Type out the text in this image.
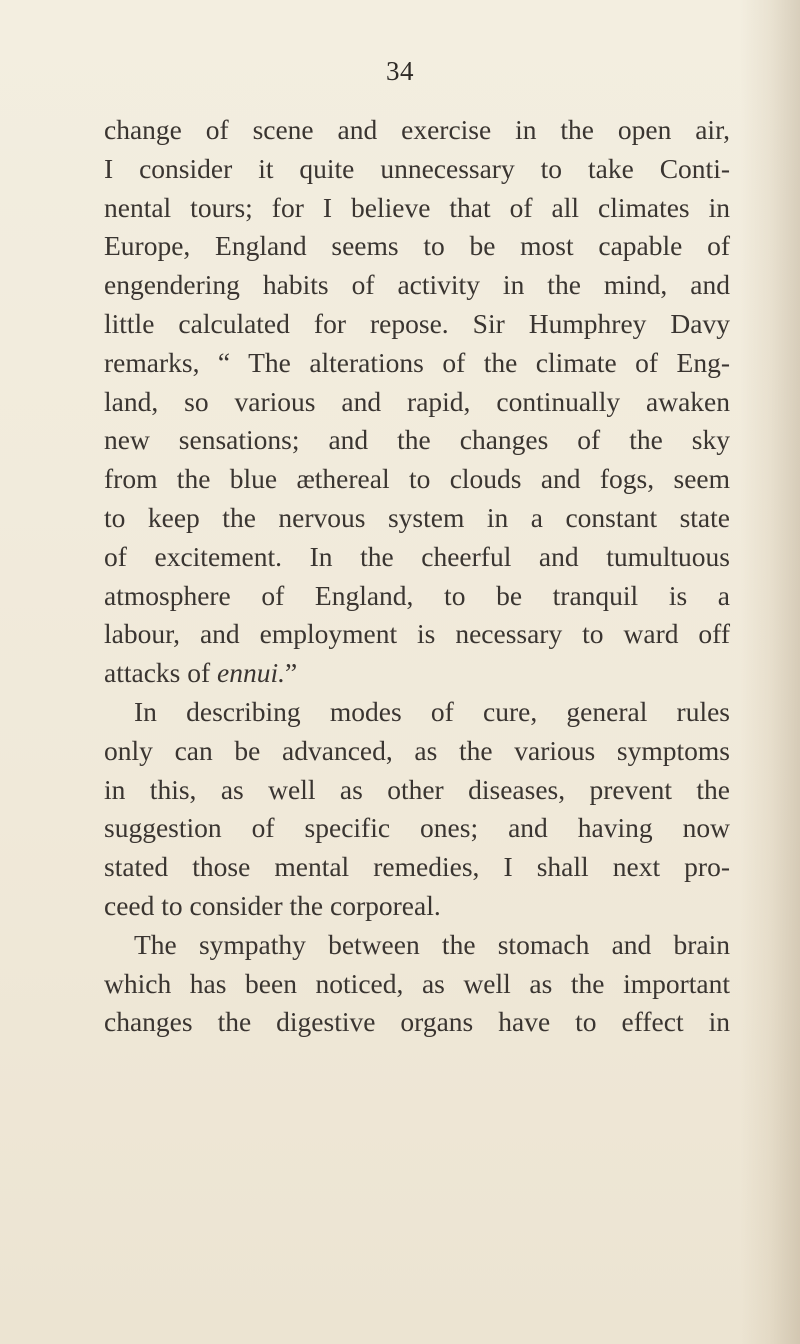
34
change of scene and exercise in the open air,
I consider it quite unnecessary to take Conti-
nental tours; for I believe that of all climates in
Europe, England seems to be most capable of
engendering habits of activity in the mind, and
little calculated for repose. Sir Humphrey Davy
remarks, “ The alterations of the climate of Eng-
land, so various and rapid, continually awaken
new sensations; and the changes of the sky
from the blue æthereal to clouds and fogs, seem
to keep the nervous system in a constant state
of excitement. In the cheerful and tumultuous
atmosphere of England, to be tranquil is a
labour, and employment is necessary to ward off
attacks of ennui.”
In describing modes of cure, general rules
only can be advanced, as the various symptoms
in this, as well as other diseases, prevent the
suggestion of specific ones; and having now
stated those mental remedies, I shall next pro-
ceed to consider the corporeal.
The sympathy between the stomach and brain
which has been noticed, as well as the important
changes the digestive organs have to effect in
